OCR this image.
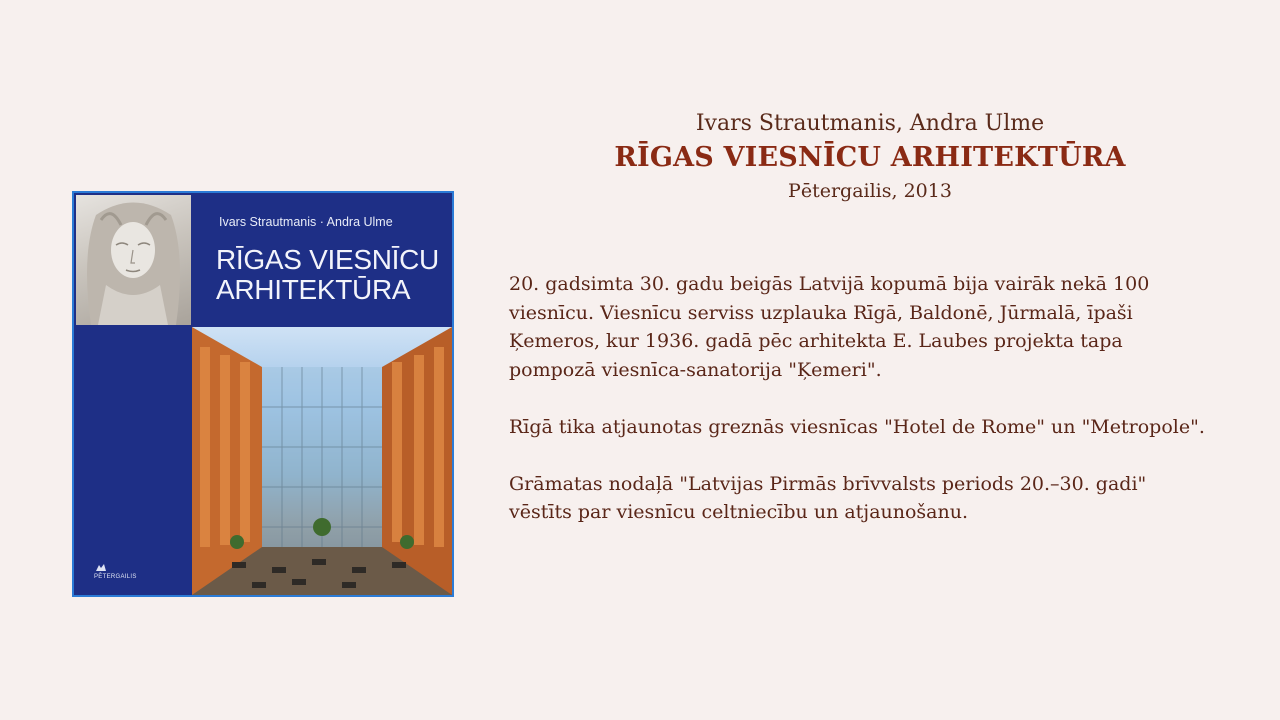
Ivars Strautmanis · Andra Ulme
RĪGAS VIESNĪCU ARHITEKTŪRA
PĒTERGAILIS
Ivars Strautmanis, Andra Ulme
RĪGAS VIESNĪCU ARHITEKTŪRA
Pētergailis, 2013

20. gadsimta 30. gadu beigās Latvijā kopumā bija vairāk nekā 100 viesnīcu. Viesnīcu serviss uzplauka Rīgā, Baldonē, Jūrmalā, īpaši Ķemeros, kur 1936. gadā pēc arhitekta E. Laubes projekta tapa pompozā viesnīca-sanatorija "Ķemeri".

Rīgā tika atjaunotas greznās viesnīcas "Hotel de Rome" un "Metropole".

Grāmatas nodaļā "Latvijas Pirmās brīvvalsts periods 20.–30. gadi" vēstīts par viesnīcu celtniecību un atjaunošanu.
